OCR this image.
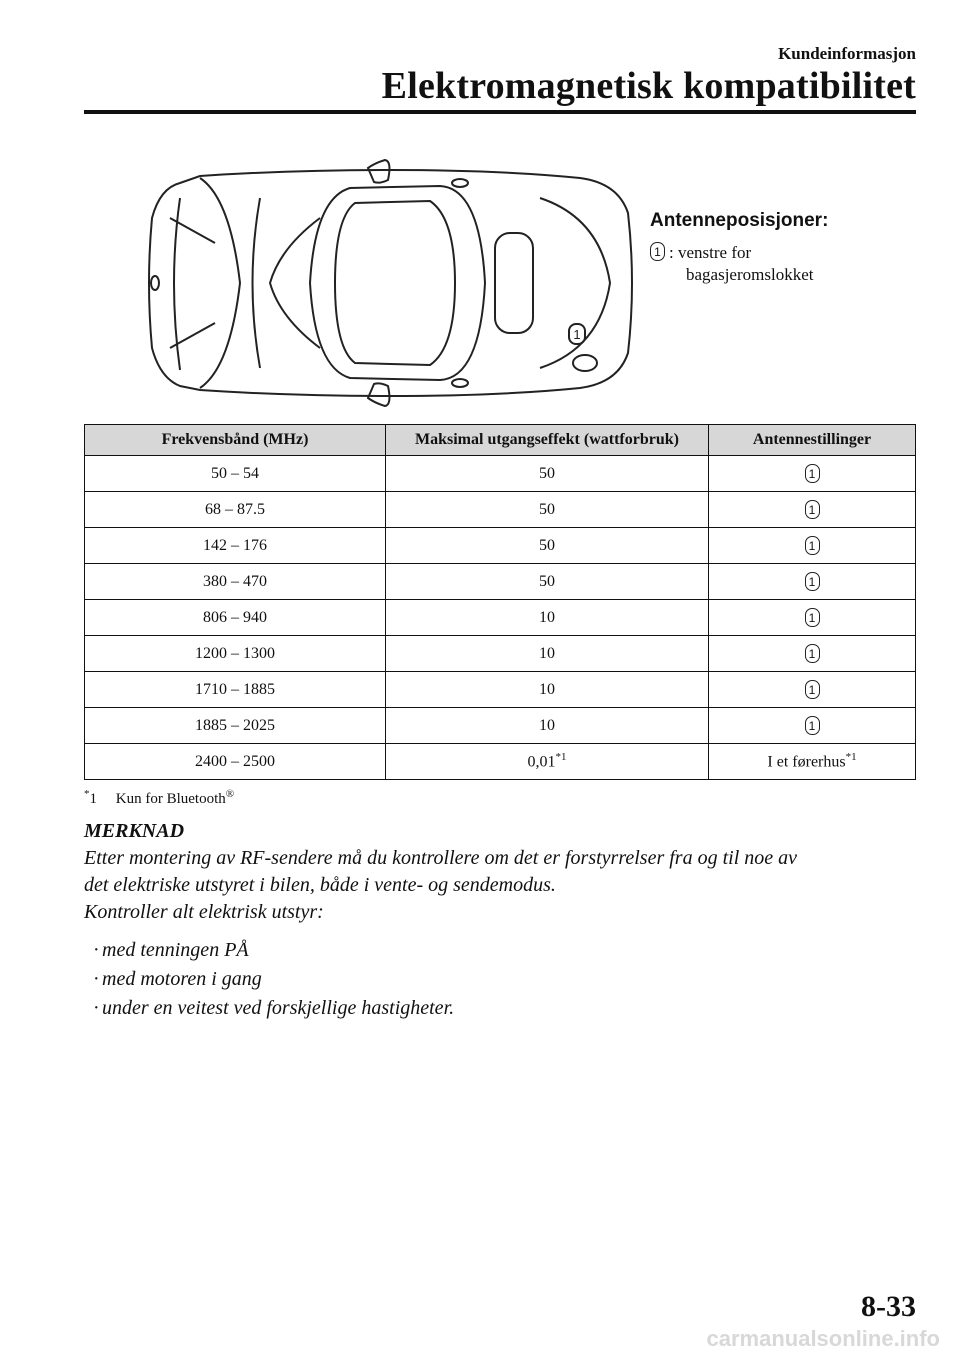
Kundeinformasjon
Elektromagnetisk kompatibilitet
1
Antenneposisjoner:
1 : venstre for
bagasjeromslokket
Frekvensbånd (MHz)	Maksimal utgangseffekt (wattforbruk)	Antennestillinger
50 – 54	50	1
68 – 87.5	50	1
142 – 176	50	1
380 – 470	50	1
806 – 940	10	1
1200 – 1300	10	1
1710 – 1885	10	1
1885 – 2025	10	1
2400 – 2500	0,01$^{*1}$	I et førerhus$^{*1}$
*1     Kun for Bluetooth®
MERKNAD
Etter montering av RF-sendere må du kontrollere om det er forstyrrelser fra og til noe av
det elektriske utstyret i bilen, både i vente- og sendemodus.
Kontroller alt elektrisk utstyr:
· med tenningen PÅ
· med motoren i gang
· under en veitest ved forskjellige hastigheter.
8-33
carmanualsonline.info
